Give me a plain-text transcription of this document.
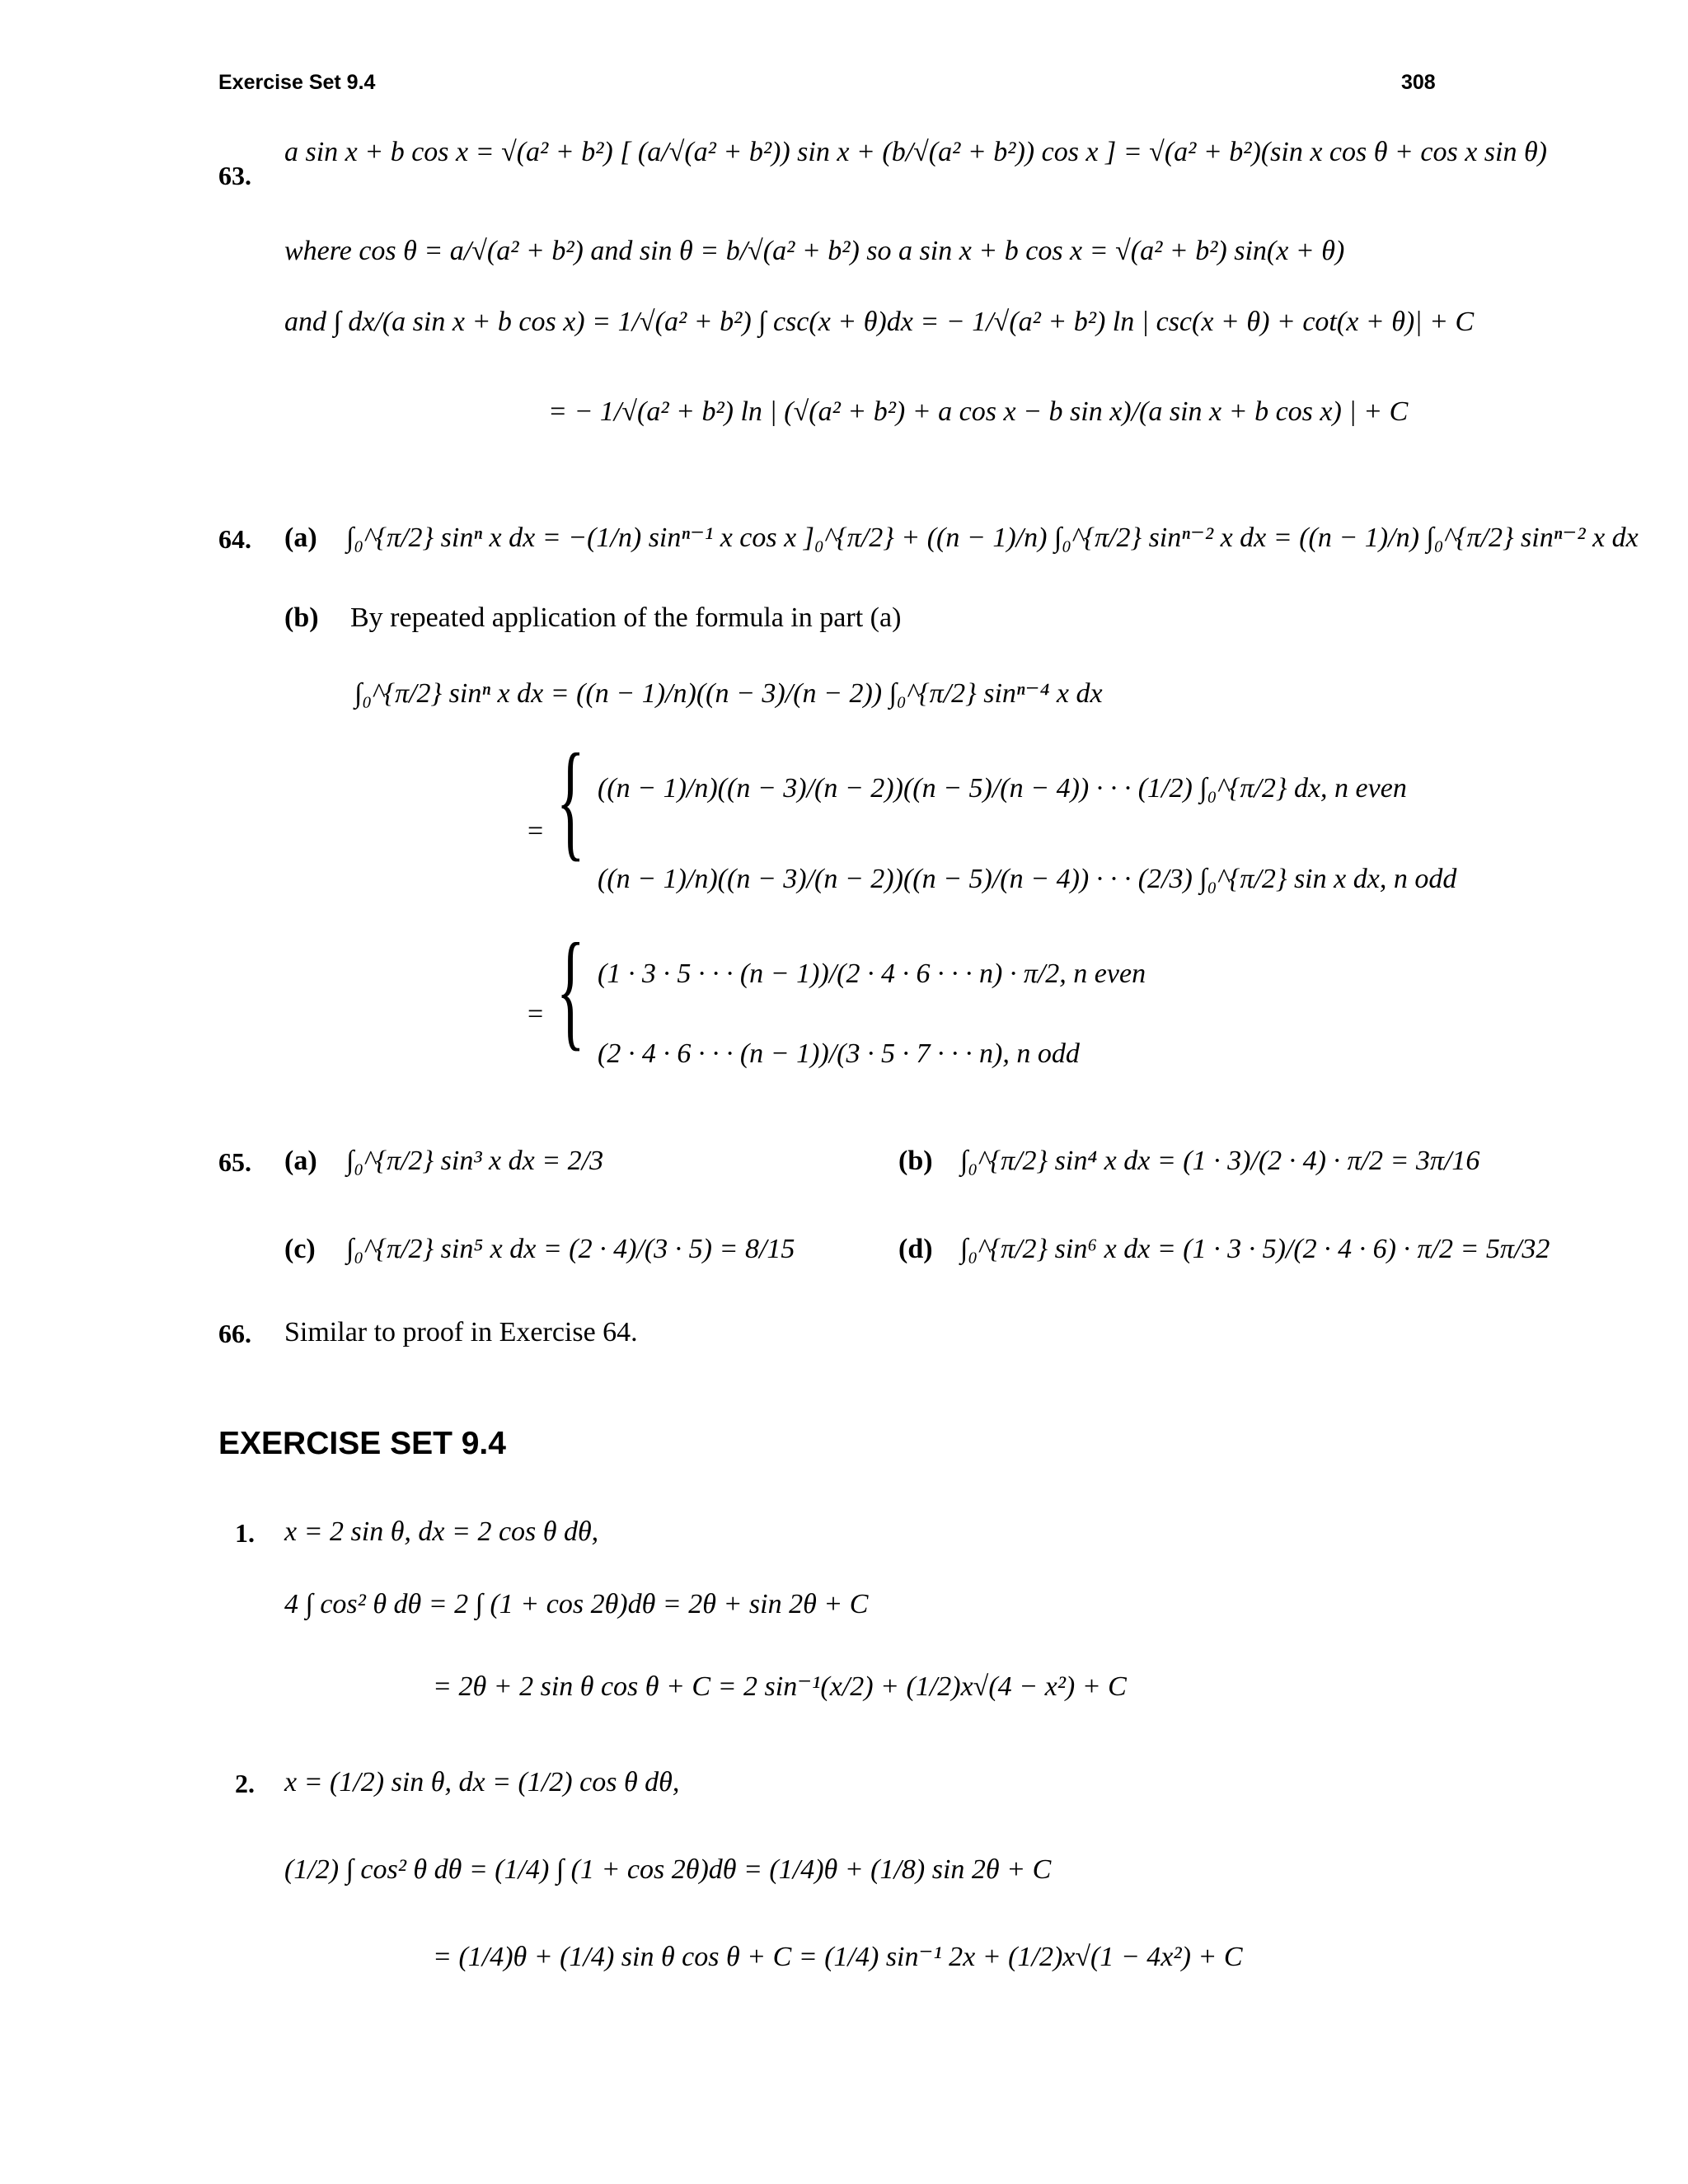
Exercise Set 9.4	308
63.
a sin x + b cos x = √(a² + b²) [ (a/√(a² + b²)) sin x + (b/√(a² + b²)) cos x ] = √(a² + b²)(sin x cos θ + cos x sin θ)
where cos θ = a/√(a² + b²) and sin θ = b/√(a² + b²) so a sin x + b cos x = √(a² + b²) sin(x + θ)
and ∫ dx/(a sin x + b cos x) = 1/√(a² + b²) ∫ csc(x + θ)dx = − 1/√(a² + b²) ln | csc(x + θ) + cot(x + θ)| + C
= − 1/√(a² + b²) ln | (√(a² + b²) + a cos x − b sin x)/(a sin x + b cos x) | + C
64. (a) ∫₀^{π/2} sinⁿ x dx = −(1/n) sinⁿ⁻¹ x cos x ]₀^{π/2} + ((n − 1)/n) ∫₀^{π/2} sinⁿ⁻² x dx = ((n − 1)/n) ∫₀^{π/2} sinⁿ⁻² x dx
(b) By repeated application of the formula in part (a)
∫₀^{π/2} sinⁿ x dx = ((n − 1)/n)((n − 3)/(n − 2)) ∫₀^{π/2} sinⁿ⁻⁴ x dx
= { ((n − 1)/n)((n − 3)/(n − 2))((n − 5)/(n − 4)) · · · (1/2) ∫₀^{π/2} dx, n even
((n − 1)/n)((n − 3)/(n − 2))((n − 5)/(n − 4)) · · · (2/3) ∫₀^{π/2} sin x dx, n odd
= { (1 · 3 · 5 · · · (n − 1))/(2 · 4 · 6 · · · n) · π/2, n even
(2 · 4 · 6 · · · (n − 1))/(3 · 5 · 7 · · · n), n odd
65. (a) ∫₀^{π/2} sin³ x dx = 2/3	(b) ∫₀^{π/2} sin⁴ x dx = (1 · 3)/(2 · 4) · π/2 = 3π/16
(c) ∫₀^{π/2} sin⁵ x dx = (2 · 4)/(3 · 5) = 8/15	(d) ∫₀^{π/2} sin⁶ x dx = (1 · 3 · 5)/(2 · 4 · 6) · π/2 = 5π/32
66. Similar to proof in Exercise 64.
EXERCISE SET 9.4
1. x = 2 sin θ, dx = 2 cos θ dθ,
4 ∫ cos² θ dθ = 2 ∫ (1 + cos 2θ)dθ = 2θ + sin 2θ + C
= 2θ + 2 sin θ cos θ + C = 2 sin⁻¹(x/2) + (1/2)x√(4 − x²) + C
2. x = (1/2) sin θ, dx = (1/2) cos θ dθ,
(1/2) ∫ cos² θ dθ = (1/4) ∫ (1 + cos 2θ)dθ = (1/4)θ + (1/8) sin 2θ + C
= (1/4)θ + (1/4) sin θ cos θ + C = (1/4) sin⁻¹ 2x + (1/2)x√(1 − 4x²) + C
